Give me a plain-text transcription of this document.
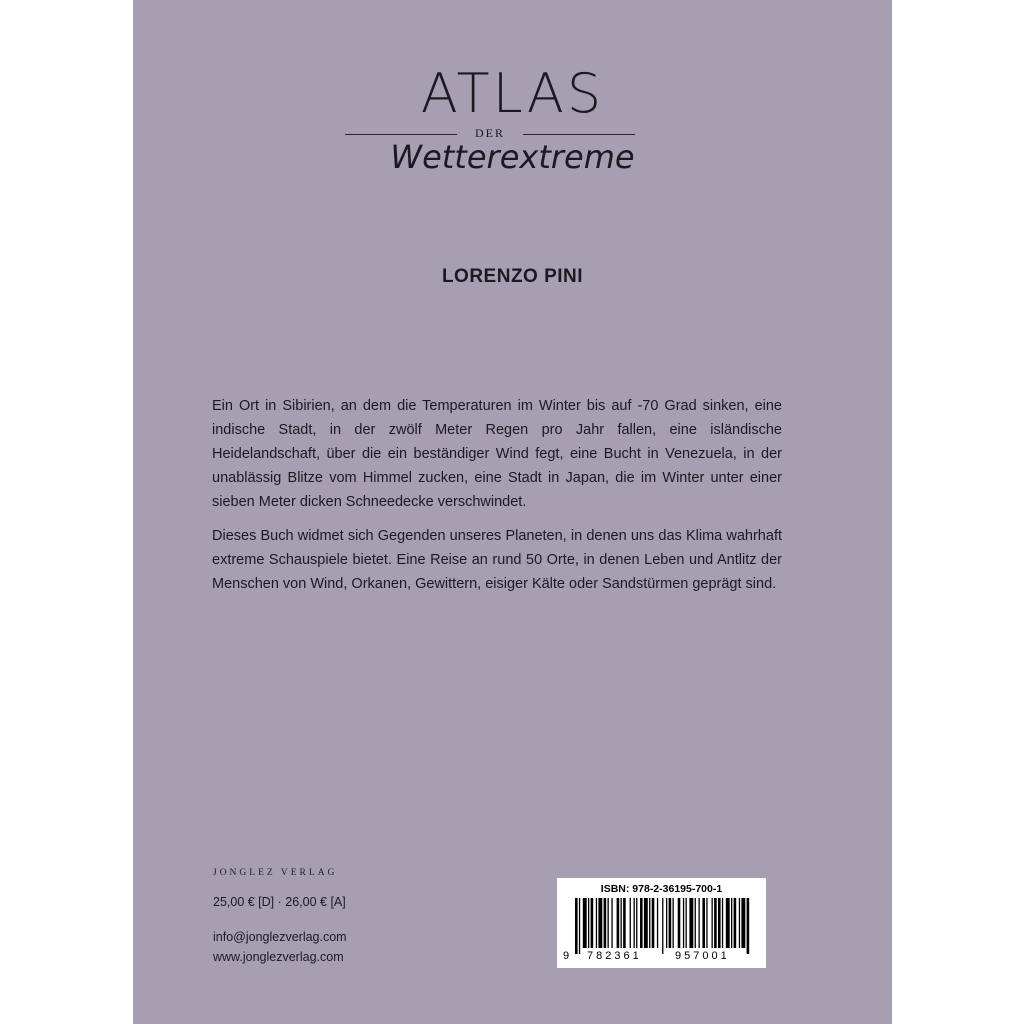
ATLAS
DER
Wetterextreme
LORENZO PINI

Ein Ort in Sibirien, an dem die Temperaturen im Winter bis auf -70 Grad sinken, eine indische Stadt, in der zwölf Meter Regen pro Jahr fallen, eine isländische Heidelandschaft, über die ein beständiger Wind fegt, eine Bucht in Venezuela, in der unablässig Blitze vom Himmel zucken, eine Stadt in Japan, die im Winter unter einer sieben Meter dicken Schneedecke verschwindet.

Dieses Buch widmet sich Gegenden unseres Planeten, in denen uns das Klima wahrhaft extreme Schauspiele bietet. Eine Reise an rund 50 Orte, in denen Leben und Antlitz der Menschen von Wind, Orkanen, Gewittern, eisiger Kälte oder Sandstürmen geprägt sind.

JONGLEZ VERLAG
25,00 € [D] · 26,00 € [A]
info@jonglezverlag.com
www.jonglezverlag.com
ISBN: 978-2-36195-700-1
9 782361	957001
